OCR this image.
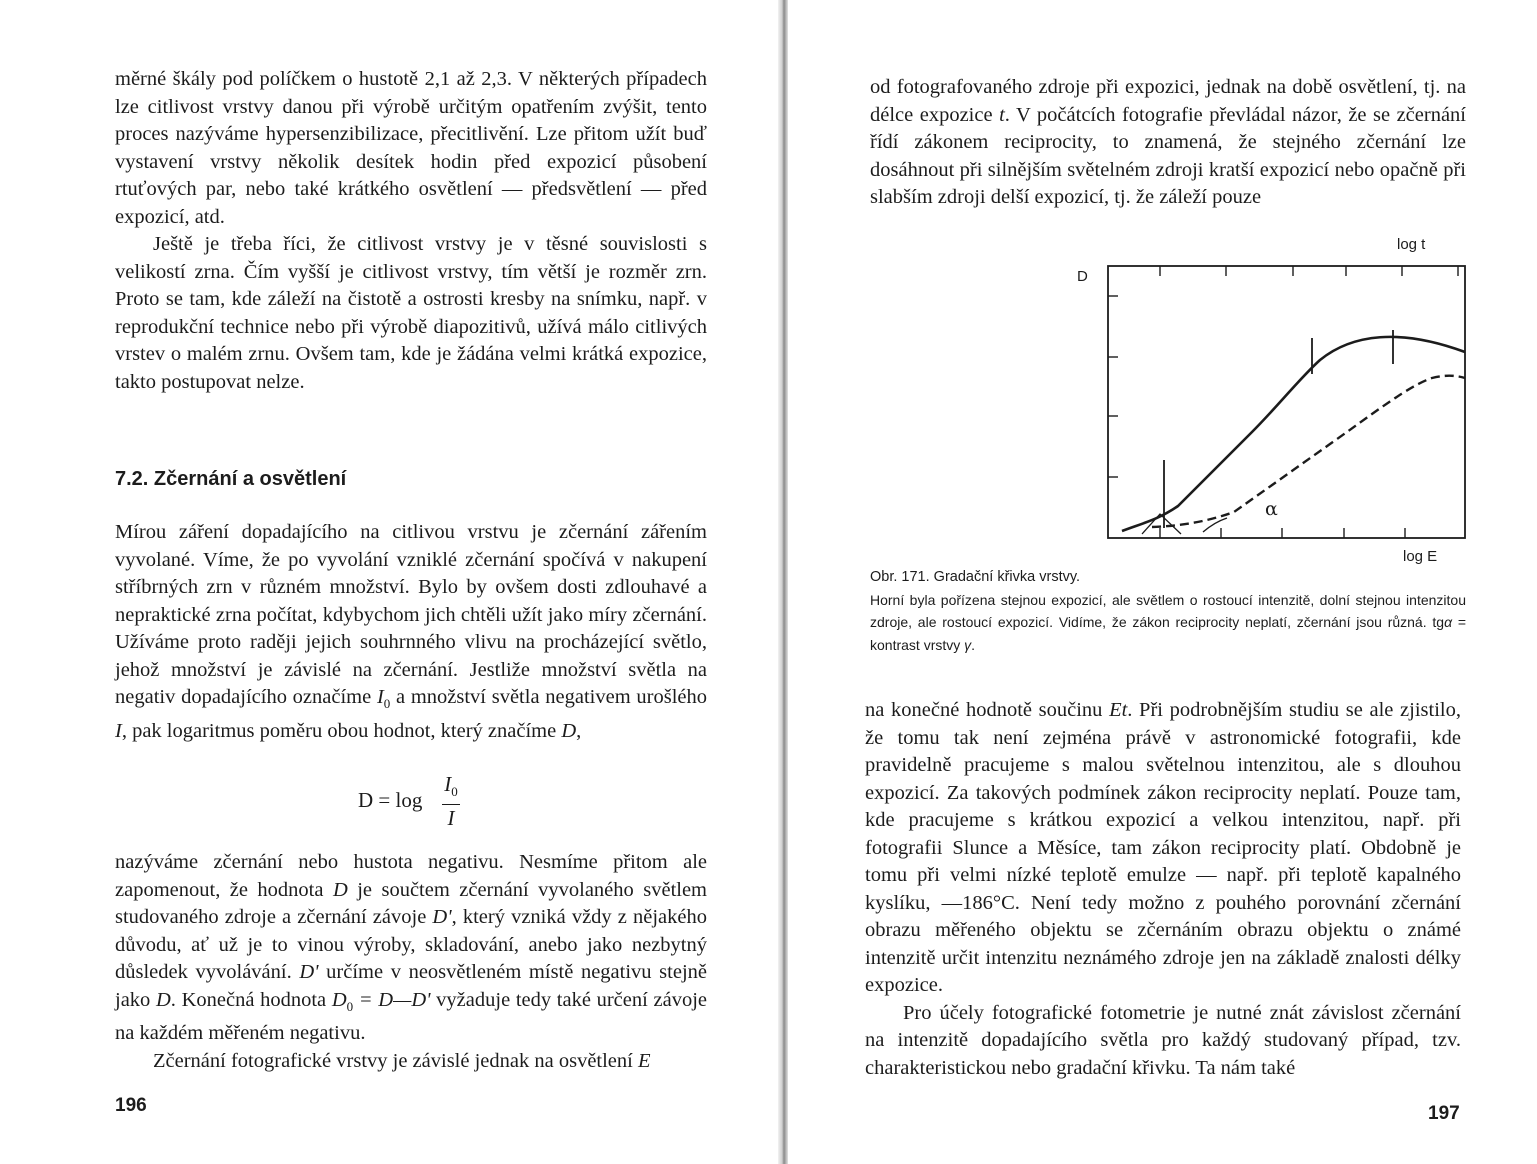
měrné škály pod políčkem o hustotě 2,1 až 2,3. V některých případech lze citlivost vrstvy danou při výrobě určitým opatřením zvýšit, tento proces nazýváme hypersenzibilizace, přecitlivění. Lze přitom užít buď vystavení vrstvy několik desítek hodin před expozicí působení rtuťových par, nebo také krátkého osvětlení — předsvětlení — před expozicí, atd.

Ještě je třeba říci, že citlivost vrstvy je v těsné souvislosti s velikostí zrna. Čím vyšší je citlivost vrstvy, tím větší je rozměr zrn. Proto se tam, kde záleží na čistotě a ostrosti kresby na snímku, např. v reprodukční technice nebo při výrobě diapozitivů, užívá málo citlivých vrstev o malém zrnu. Ovšem tam, kde je žádána velmi krátká expozice, takto postupovat nelze.

7.2. Zčernání a osvětlení

Mírou záření dopadajícího na citlivou vrstvu je zčernání zářením vyvolané. Víme, že po vyvolání vzniklé zčernání spočívá v nakupení stříbrných zrn v různém množství. Bylo by ovšem dosti zdlouhavé a nepraktické zrna počítat, kdybychom jich chtěli užít jako míry zčernání. Užíváme proto raději jejich souhrnného vlivu na procházející světlo, jehož množství je závislé na zčernání. Jestliže množství světla na negativ dopadajícího označíme $I_0$ a množství světla negativem urošlého I, pak logaritmus poměru obou hodnot, který značíme D,

D = log
$I_0$
I

nazýváme zčernání nebo hustota negativu. Nesmíme přitom ale zapomenout, že hodnota D je součtem zčernání vyvolaného světlem studovaného zdroje a zčernání závoje D', který vzniká vždy z nějakého důvodu, ať už je to vinou výroby, skladování, anebo jako nezbytný důsledek vyvolávání. D' určíme v neosvětleném místě negativu stejně jako D. Konečná hodnota $D_0$ = D—D' vyžaduje tedy také určení závoje na každém měřeném negativu.

Zčernání fotografické vrstvy je závislé jednak na osvětlení E

196

od fotografovaného zdroje při expozici, jednak na době osvětlení, tj. na délce expozice t. V počátcích fotografie převládal názor, že se zčernání řídí zákonem reciprocity, to znamená, že stejného zčernání lze dosáhnout při silnějším světelném zdroji kratší expozicí nebo opačně při slabším zdroji delší expozicí, tj. že záleží pouze

D
log t
log E
α

Obr. 171. Gradační křivka vrstvy.
Horní byla pořízena stejnou expozicí, ale světlem o rostoucí intenzitě, dolní stejnou intenzitou zdroje, ale rostoucí expozicí. Vidíme, že zákon reciprocity neplatí, zčernání jsou různá. tgα = kontrast vrstvy γ.

na konečné hodnotě součinu Et. Při podrobnějším studiu se ale zjistilo, že tomu tak není zejména právě v astronomické fotografii, kde pravidelně pracujeme s malou světelnou intenzitou, ale s dlouhou expozicí. Za takových podmínek zákon reciprocity neplatí. Pouze tam, kde pracujeme s krátkou expozicí a velkou intenzitou, např. při fotografii Slunce a Měsíce, tam zákon reciprocity platí. Obdobně je tomu při velmi nízké teplotě emulze — např. při teplotě kapalného kyslíku, —186°C. Není tedy možno z pouhého porovnání zčernání obrazu měřeného objektu se zčernáním obrazu objektu o známé intenzitě určit intenzitu neznámého zdroje jen na základě znalosti délky expozice.

Pro účely fotografické fotometrie je nutné znát závislost zčernání na intenzitě dopadajícího světla pro každý studovaný případ, tzv. charakteristickou nebo gradační křivku. Ta nám také

197
